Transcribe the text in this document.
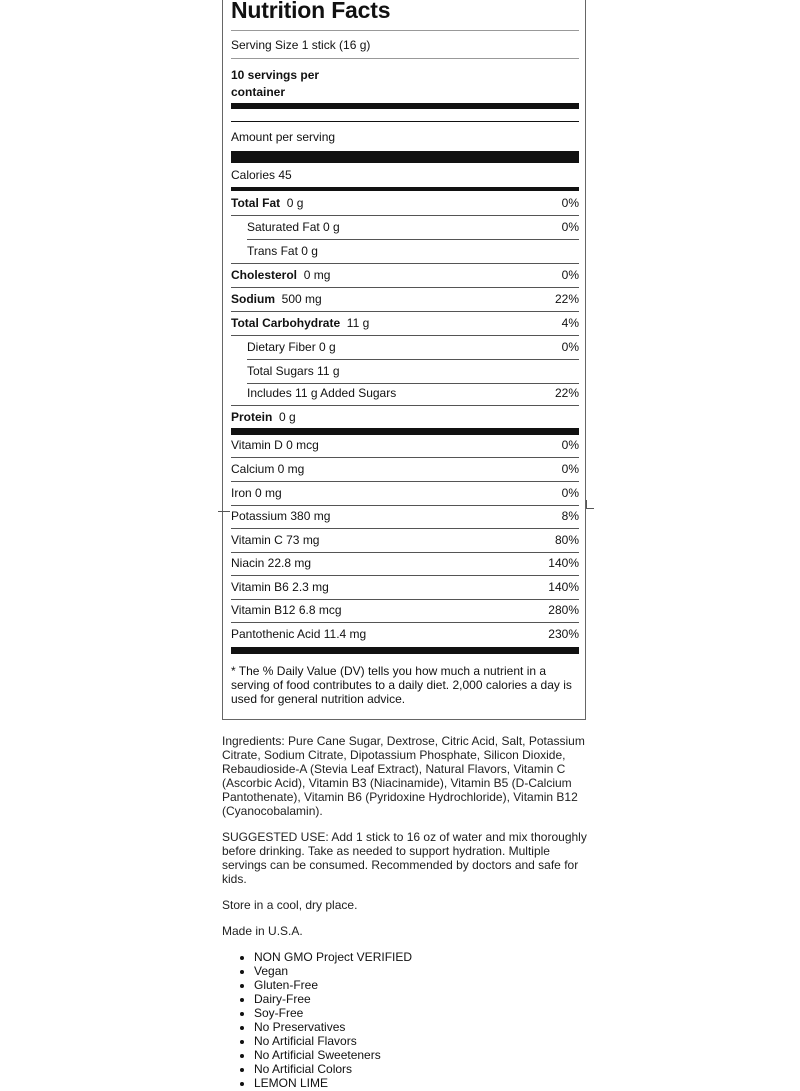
Nutrition Facts
Serving Size 1 stick (16 g)
10 servings per container
Amount per serving
Calories 45
Total Fat 0 g	0%
Saturated Fat 0 g	0%
Trans Fat 0 g
Cholesterol 0 mg	0%
Sodium 500 mg	22%
Total Carbohydrate 11 g	4%
Dietary Fiber 0 g	0%
Total Sugars 11 g
Includes 11 g Added Sugars	22%
Protein 0 g
Vitamin D 0 mcg	0%
Calcium 0 mg	0%
Iron 0 mg	0%
Potassium 380 mg	8%
Vitamin C 73 mg	80%
Niacin 22.8 mg	140%
Vitamin B6 2.3 mg	140%
Vitamin B12 6.8 mcg	280%
Pantothenic Acid 11.4 mg	230%
* The % Daily Value (DV) tells you how much a nutrient in a serving of food contributes to a daily diet. 2,000 calories a day is used for general nutrition advice.
Ingredients: Pure Cane Sugar, Dextrose, Citric Acid, Salt, Potassium Citrate, Sodium Citrate, Dipotassium Phosphate, Silicon Dioxide, Rebaudioside-A (Stevia Leaf Extract), Natural Flavors, Vitamin C (Ascorbic Acid), Vitamin B3 (Niacinamide), Vitamin B5 (D-Calcium Pantothenate), Vitamin B6 (Pyridoxine Hydrochloride), Vitamin B12 (Cyanocobalamin).
SUGGESTED USE: Add 1 stick to 16 oz of water and mix thoroughly before drinking. Take as needed to support hydration. Multiple servings can be consumed. Recommended by doctors and safe for kids.
Store in a cool, dry place.
Made in U.S.A.
• NON GMO Project VERIFIED
• Vegan
• Gluten-Free
• Dairy-Free
• Soy-Free
• No Preservatives
• No Artificial Flavors
• No Artificial Sweeteners
• No Artificial Colors
• LEMON LIME
